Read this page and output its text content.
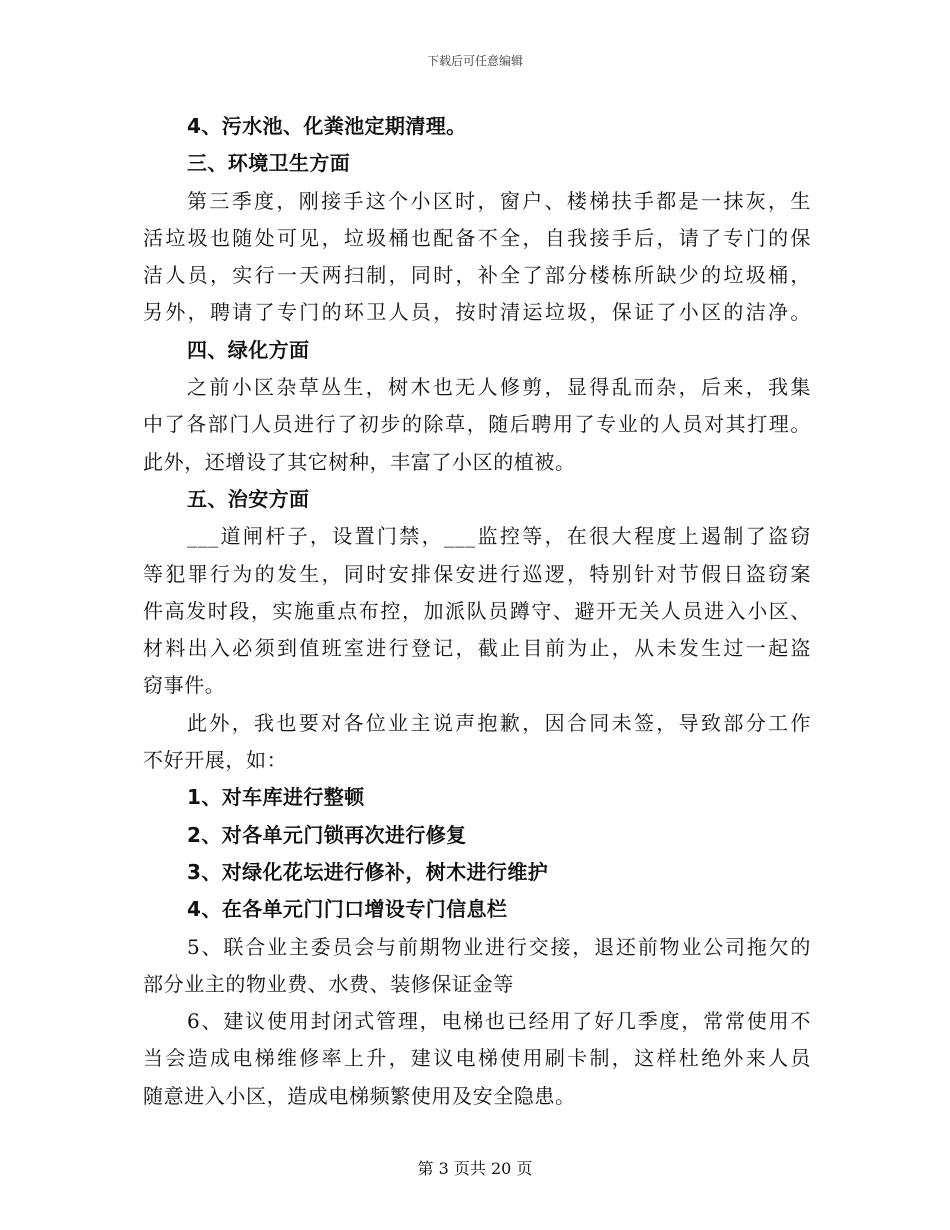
下载后可任意编辑
4、污水池、化粪池定期清理。
三、环境卫生方面
第三季度，刚接手这个小区时，窗户、楼梯扶手都是一抹灰，生
活垃圾也随处可见，垃圾桶也配备不全，自我接手后，请了专门的保
洁人员，实行一天两扫制，同时，补全了部分楼栋所缺少的垃圾桶，
另外，聘请了专门的环卫人员，按时清运垃圾，保证了小区的洁净。
四、绿化方面
之前小区杂草丛生，树木也无人修剪，显得乱而杂，后来，我集
中了各部门人员进行了初步的除草，随后聘用了专业的人员对其打理。
此外，还增设了其它树种，丰富了小区的植被。
五、治安方面
___道闸杆子，设置门禁，___监控等，在很大程度上遏制了盗窃
等犯罪行为的发生，同时安排保安进行巡逻，特别针对节假日盗窃案
件高发时段，实施重点布控，加派队员蹲守、避开无关人员进入小区、
材料出入必须到值班室进行登记，截止目前为止，从未发生过一起盗
窃事件。
此外，我也要对各位业主说声抱歉，因合同未签，导致部分工作
不好开展，如：
1、对车库进行整顿
2、对各单元门锁再次进行修复
3、对绿化花坛进行修补，树木进行维护
4、在各单元门门口增设专门信息栏
5、联合业主委员会与前期物业进行交接，退还前物业公司拖欠的
部分业主的物业费、水费、装修保证金等
6、建议使用封闭式管理，电梯也已经用了好几季度，常常使用不
当会造成电梯维修率上升，建议电梯使用刷卡制，这样杜绝外来人员
随意进入小区，造成电梯频繁使用及安全隐患。
第 3 页共 20 页
